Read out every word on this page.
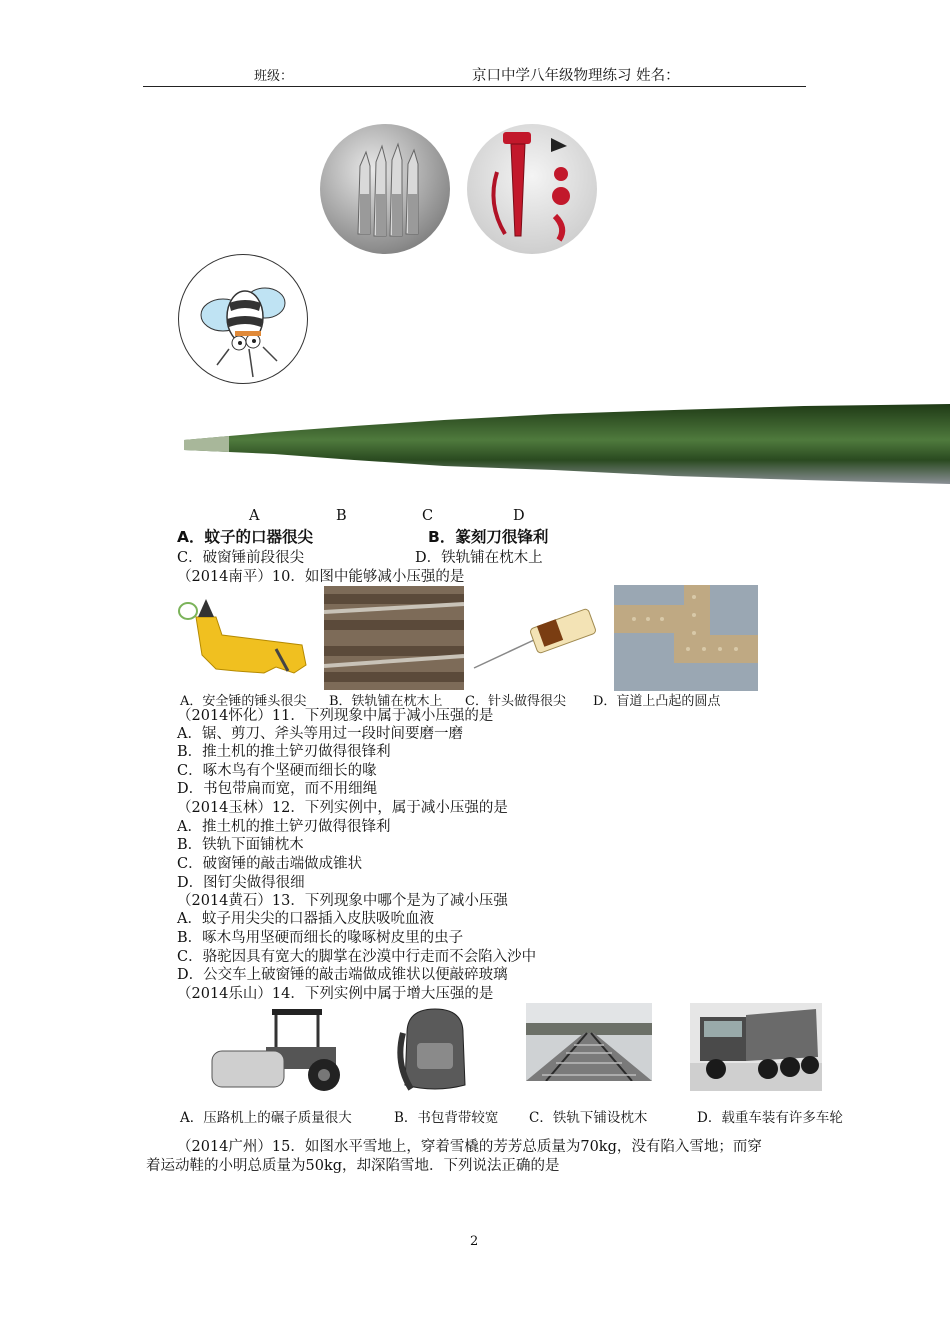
班级：	京口中学八年级物理练习 姓名：
A	B	C	D
A．蚊子的口器很尖	B．篆刻刀很锋利
C．破窗锤前段很尖	D．铁轨铺在枕木上
（2014南平）10．如图中能够减小压强的是
A．安全锤的锤头很尖 B．铁轨铺在枕木上 C．针头做得很尖 D．盲道上凸起的圆点
（2014怀化）11．下列现象中属于减小压强的是
A．锯、剪刀、斧头等用过一段时间要磨一磨
B．推土机的推土铲刃做得很锋利
C．啄木鸟有个坚硬而细长的喙
D．书包带扁而宽，而不用细绳
（2014玉林）12．下列实例中，属于减小压强的是
A．推土机的推土铲刃做得很锋利
B．铁轨下面铺枕木
C．破窗锤的敲击端做成锥状
D．图钉尖做得很细
（2014黄石）13．下列现象中哪个是为了减小压强
A．蚊子用尖尖的口器插入皮肤吸吮血液
B．啄木鸟用坚硬而细长的喙啄树皮里的虫子
C．骆驼因具有宽大的脚掌在沙漠中行走而不会陷入沙中
D．公交车上破窗锤的敲击端做成锥状以便敲碎玻璃
（2014乐山）14．下列实例中属于增大压强的是
A．压路机上的碾子质量很大	B．书包背带较宽 C．铁轨下铺设枕木	D．载重车装有许多车轮
（2014广州）15．如图水平雪地上，穿着雪橇的芳芳总质量为70kg，没有陷入雪地；而穿
着运动鞋的小明总质量为50kg，却深陷雪地．下列说法正确的是
2
